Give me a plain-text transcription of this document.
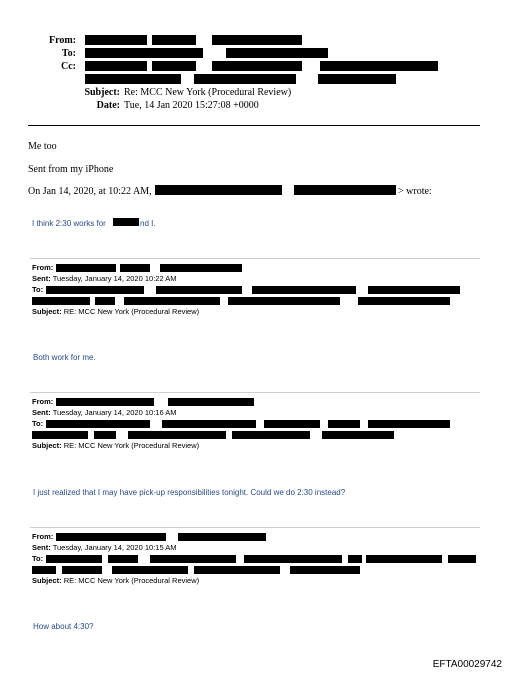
From:
To:
Cc:
Subject: Re: MCC New York (Procedural Review)
Date: Tue, 14 Jan 2020 15:27:08 +0000
Me too
Sent from my iPhone
On Jan 14, 2020, at 10:22 AM,	> wrote:
I think 2:30 works for	nd I.
From:
Sent: Tuesday, January 14, 2020 10:22 AM
To:
Subject: RE: MCC New York (Procedural Review)
Both work for me.
From:
Sent: Tuesday, January 14, 2020 10:16 AM
To:
Subject: RE: MCC New York (Procedural Review)
I just realized that I may have pick-up responsibilities tonight. Could we do 2:30 instead?
From:
Sent: Tuesday, January 14, 2020 10:15 AM
To:
Subject: RE: MCC New York (Procedural Review)
How about 4:30?
EFTA00029742
